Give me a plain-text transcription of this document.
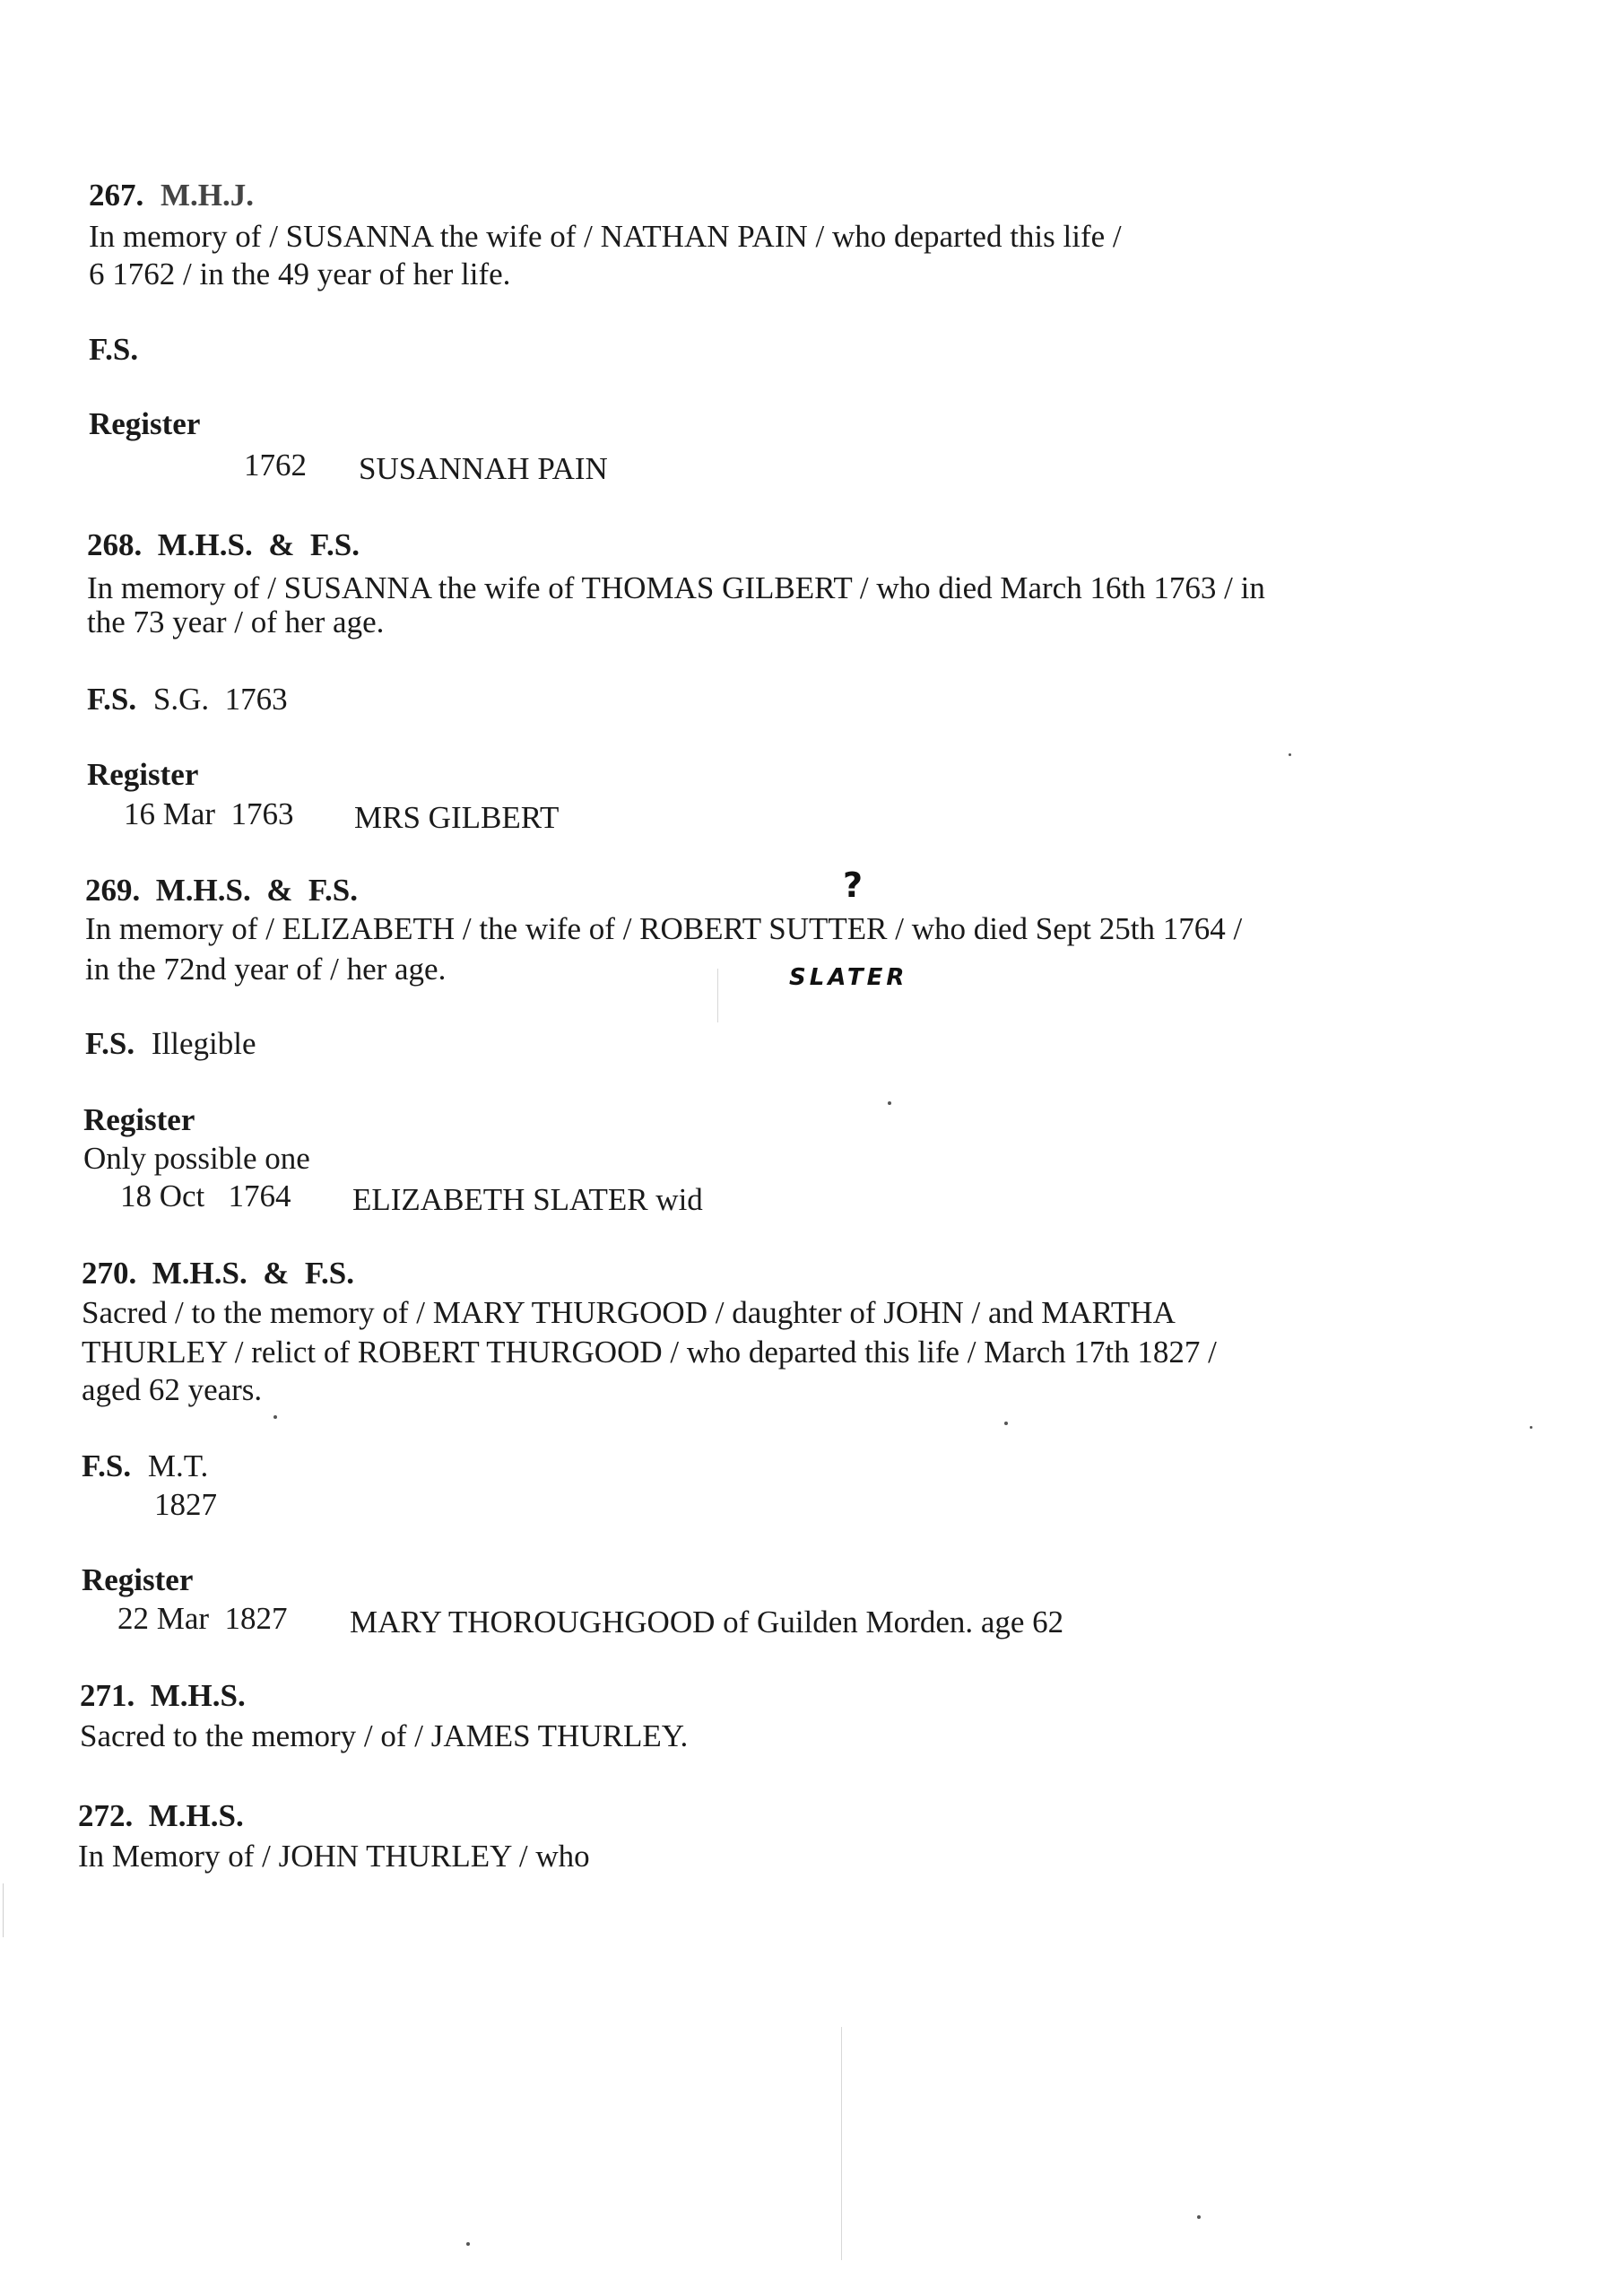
267. M.H.J.
In memory of / SUSANNA the wife of / NATHAN PAIN / who departed this life /
6 1762 / in the 49 year of her life.
F.S.
Register
1762 SUSANNAH PAIN
268.  M.H.S.  &  F.S.
In memory of / SUSANNA the wife of THOMAS GILBERT / who died March 16th 1763 / in
the 73 year / of her age.
F.S. S.G.  1763
Register
16 Mar  1763 MRS GILBERT
269.  M.H.S.  &  F.S.	?
In memory of / ELIZABETH / the wife of / ROBERT SUTTER / who died Sept 25th 1764 /
in the 72nd year of / her age.	SLATER
F.S. Illegible
Register
Only possible one
18 Oct   1764 ELIZABETH SLATER wid
270.  M.H.S.  &  F.S.
Sacred / to the memory of / MARY THURGOOD / daughter of JOHN / and MARTHA
THURLEY / relict of ROBERT THURGOOD / who departed this life / March 17th 1827 /
aged 62 years.
F.S. M.T.
1827
Register
22 Mar  1827 MARY THOROUGHGOOD of Guilden Morden. age 62
271.  M.H.S.
Sacred to the memory / of / JAMES THURLEY.
272.  M.H.S.
In Memory of / JOHN THURLEY / who
